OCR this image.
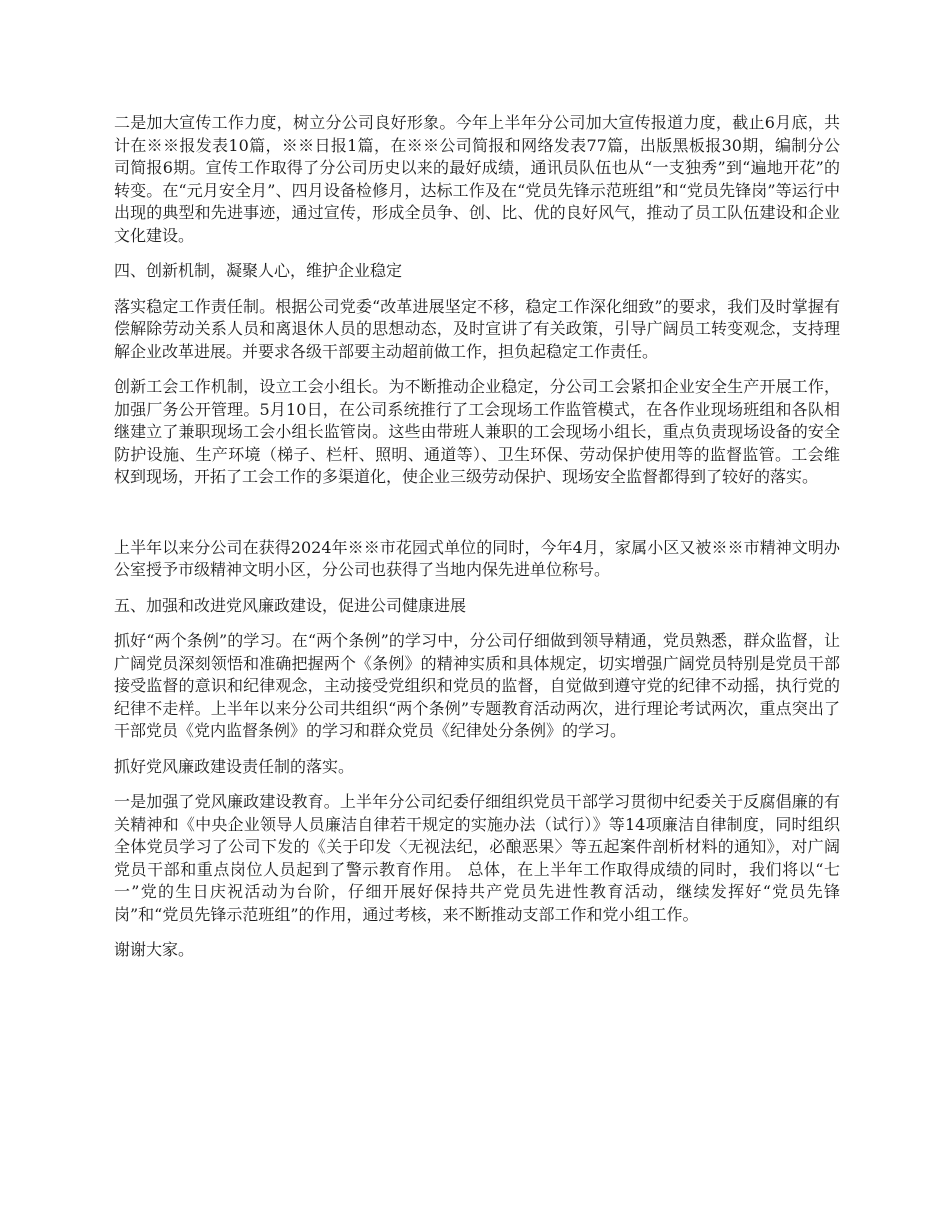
二是加大宣传工作力度，树立分公司良好形象。今年上半年分公司加大宣传报道力度，截止6月底，共计在※※报发表10篇，※※日报1篇，在※※公司简报和网络发表77篇，出版黑板报30期，编制分公司简报6期。宣传工作取得了分公司历史以来的最好成绩，通讯员队伍也从“一支独秀”到“遍地开花”的转变。在“元月安全月”、四月设备检修月，达标工作及在“党员先锋示范班组”和“党员先锋岗”等运行中出现的典型和先进事迹，通过宣传，形成全员争、创、比、优的良好风气，推动了员工队伍建设和企业文化建设。

四、创新机制，凝聚人心，维护企业稳定

落实稳定工作责任制。根据公司党委“改革进展坚定不移，稳定工作深化细致”的要求，我们及时掌握有偿解除劳动关系人员和离退休人员的思想动态，及时宣讲了有关政策，引导广阔员工转变观念，支持理解企业改革进展。并要求各级干部要主动超前做工作，担负起稳定工作责任。

创新工会工作机制，设立工会小组长。为不断推动企业稳定，分公司工会紧扣企业安全生产开展工作，加强厂务公开管理。5月10日，在公司系统推行了工会现场工作监管模式，在各作业现场班组和各队相继建立了兼职现场工会小组长监管岗。这些由带班人兼职的工会现场小组长，重点负责现场设备的安全防护设施、生产环境（梯子、栏杆、照明、通道等）、卫生环保、劳动保护使用等的监督监管。工会维权到现场，开拓了工会工作的多渠道化，使企业三级劳动保护、现场安全监督都得到了较好的落实。

上半年以来分公司在获得2024年※※市花园式单位的同时，今年4月，家属小区又被※※市精神文明办公室授予市级精神文明小区，分公司也获得了当地内保先进单位称号。

五、加强和改进党风廉政建设，促进公司健康进展

抓好“两个条例”的学习。在“两个条例”的学习中，分公司仔细做到领导精通，党员熟悉，群众监督，让广阔党员深刻领悟和准确把握两个《条例》的精神实质和具体规定，切实增强广阔党员特别是党员干部接受监督的意识和纪律观念，主动接受党组织和党员的监督，自觉做到遵守党的纪律不动摇，执行党的纪律不走样。上半年以来分公司共组织“两个条例”专题教育活动两次，进行理论考试两次，重点突出了干部党员《党内监督条例》的学习和群众党员《纪律处分条例》的学习。

抓好党风廉政建设责任制的落实。

一是加强了党风廉政建设教育。上半年分公司纪委仔细组织党员干部学习贯彻中纪委关于反腐倡廉的有关精神和《中央企业领导人员廉洁自律若干规定的实施办法（试行）》等14项廉洁自律制度，同时组织全体党员学习了公司下发的《关于印发〈无视法纪，必酿恶果〉等五起案件剖析材料的通知》，对广阔党员干部和重点岗位人员起到了警示教育作用。 总体，在上半年工作取得成绩的同时，我们将以“七一”党的生日庆祝活动为台阶，仔细开展好保持共产党员先进性教育活动，继续发挥好“党员先锋岗”和“党员先锋示范班组”的作用，通过考核，来不断推动支部工作和党小组工作。

谢谢大家。
